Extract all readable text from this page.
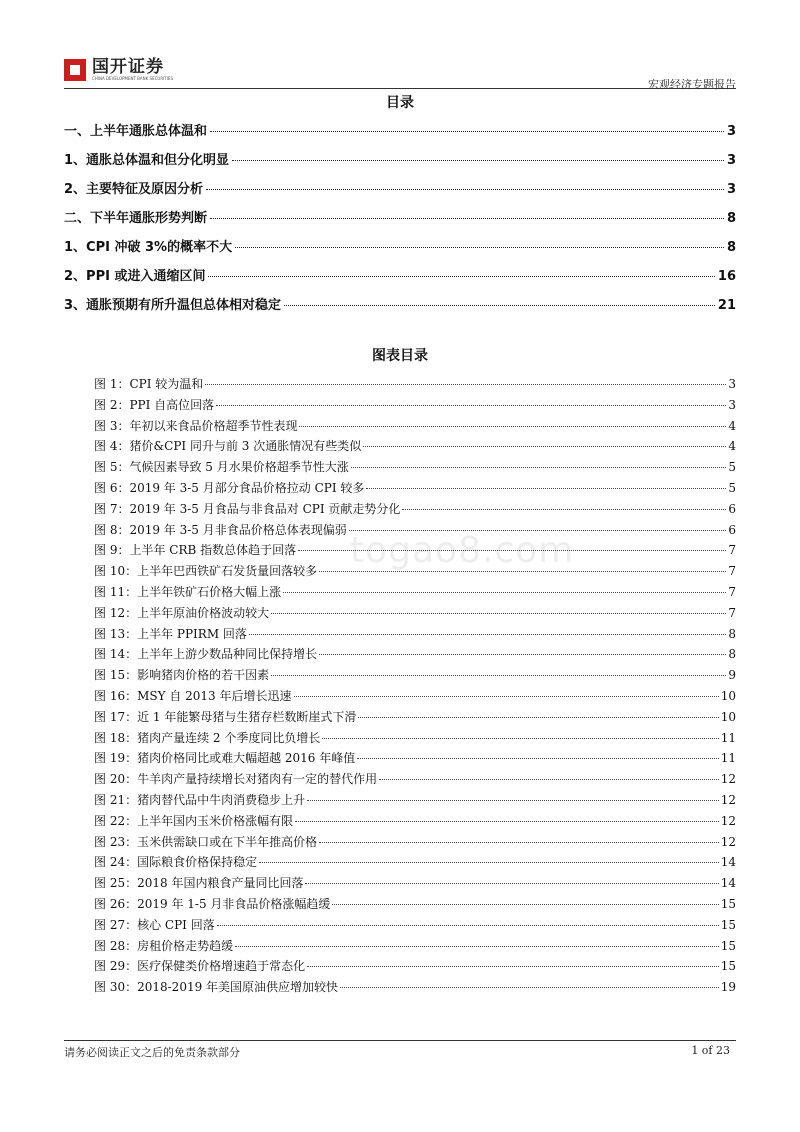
国开证券
CHINA DEVELOPMENT BANK SECURITIES	宏观经济专题报告
目录
一、上半年通胀总体温和	3
1、通胀总体温和但分化明显	3
2、主要特征及原因分析	3
二、下半年通胀形势判断	8
1、CPI 冲破 3%的概率不大	8
2、PPI 或进入通缩区间	16
3、通胀预期有所升温但总体相对稳定	21
图表目录
图 1：CPI 较为温和	3
图 2：PPI 自高位回落	3
图 3：年初以来食品价格超季节性表现	4
图 4：猪价&CPI 同升与前 3 次通胀情况有些类似	4
图 5：气候因素导致 5 月水果价格超季节性大涨	5
图 6：2019 年 3-5 月部分食品价格拉动 CPI 较多	5
图 7：2019 年 3-5 月食品与非食品对 CPI 贡献走势分化	6
图 8：2019 年 3-5 月非食品价格总体表现偏弱	6
图 9：上半年 CRB 指数总体趋于回落	7
图 10：上半年巴西铁矿石发货量回落较多	7
图 11：上半年铁矿石价格大幅上涨	7
图 12：上半年原油价格波动较大	7
图 13：上半年 PPIRM 回落	8
图 14：上半年上游少数品种同比保持增长	8
图 15：影响猪肉价格的若干因素	9
图 16：MSY 自 2013 年后增长迅速	10
图 17：近 1 年能繁母猪与生猪存栏数断崖式下滑	10
图 18：猪肉产量连续 2 个季度同比负增长	11
图 19：猪肉价格同比或难大幅超越 2016 年峰值	11
图 20：牛羊肉产量持续增长对猪肉有一定的替代作用	12
图 21：猪肉替代品中牛肉消费稳步上升	12
图 22：上半年国内玉米价格涨幅有限	12
图 23：玉米供需缺口或在下半年推高价格	12
图 24：国际粮食价格保持稳定	14
图 25：2018 年国内粮食产量同比回落	14
图 26：2019 年 1-5 月非食品价格涨幅趋缓	15
图 27：核心 CPI 回落	15
图 28：房租价格走势趋缓	15
图 29：医疗保健类价格增速趋于常态化	15
图 30：2018-2019 年美国原油供应增加较快	19
togao8.com
请务必阅读正文之后的免责条款部分	1 of 23
